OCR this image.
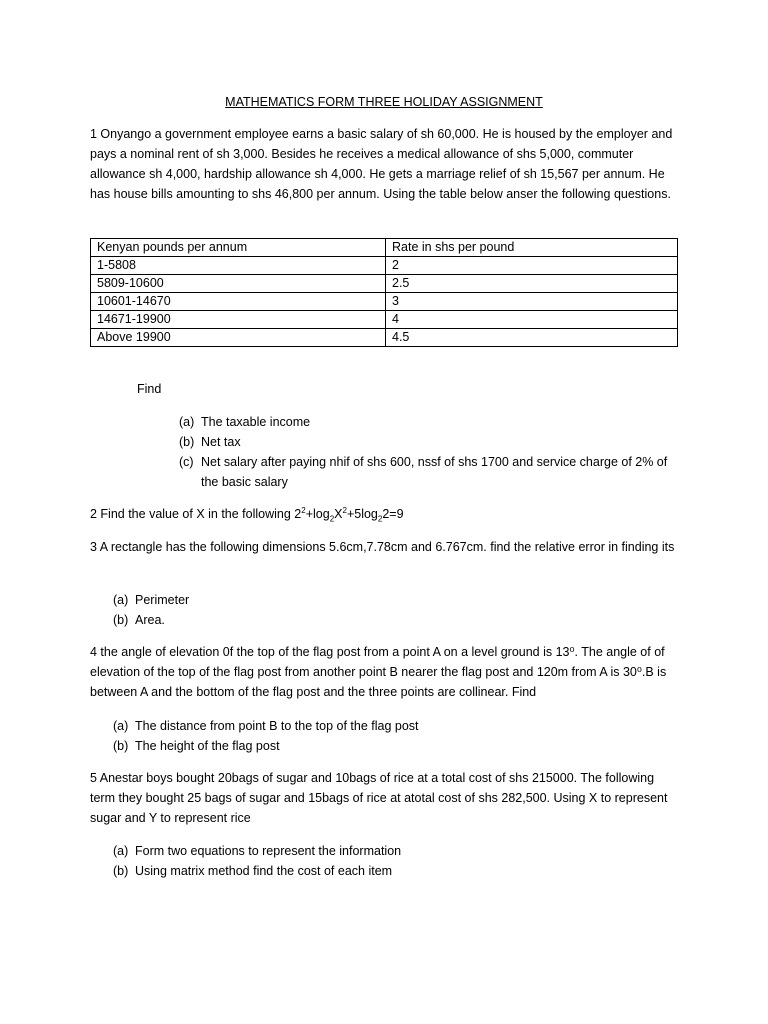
MATHEMATICS FORM THREE HOLIDAY ASSIGNMENT
1 Onyango a government employee earns a basic salary of sh 60,000. He is housed by the employer and pays a nominal rent of sh 3,000. Besides he receives a medical allowance of shs 5,000, commuter allowance sh 4,000, hardship allowance sh 4,000. He gets a marriage relief of sh 15,567 per annum. He has house bills amounting to shs 46,800 per annum. Using the table below anser the following questions.
Kenyan pounds per annum	Rate in shs per pound
1-5808	2
5809-10600	2.5
10601-14670	3
14671-19900	4
Above 19900	4.5
Find
(a) The taxable income
(b) Net tax
(c) Net salary after paying nhif of shs 600, nssf of shs 1700 and service charge of 2% of the basic salary
2 Find the value of X in the following $2^2+\log_2X^2+5\log_22=9$
3 A rectangle has the following dimensions 5.6cm,7.78cm and 6.767cm. find the relative error in finding its
(a) Perimeter
(b) Area.
4 the angle of elevation 0f the top of the flag post from a point A on a level ground is 13⁰. The angle of of elevation of the top of the flag post from another point B nearer the flag post and 120m from A is 30⁰.B is between A and the bottom of the flag post and the three points are collinear. Find
(a) The distance from point B to the top of the flag post
(b) The height of the flag post
5 Anestar boys bought 20bags of sugar and 10bags of rice at a total cost of shs 215000. The following term they bought 25 bags of sugar and 15bags of rice at atotal cost of shs 282,500. Using X to represent sugar and Y to represent rice
(a) Form two equations to represent the information
(b) Using matrix method find the cost of each item
